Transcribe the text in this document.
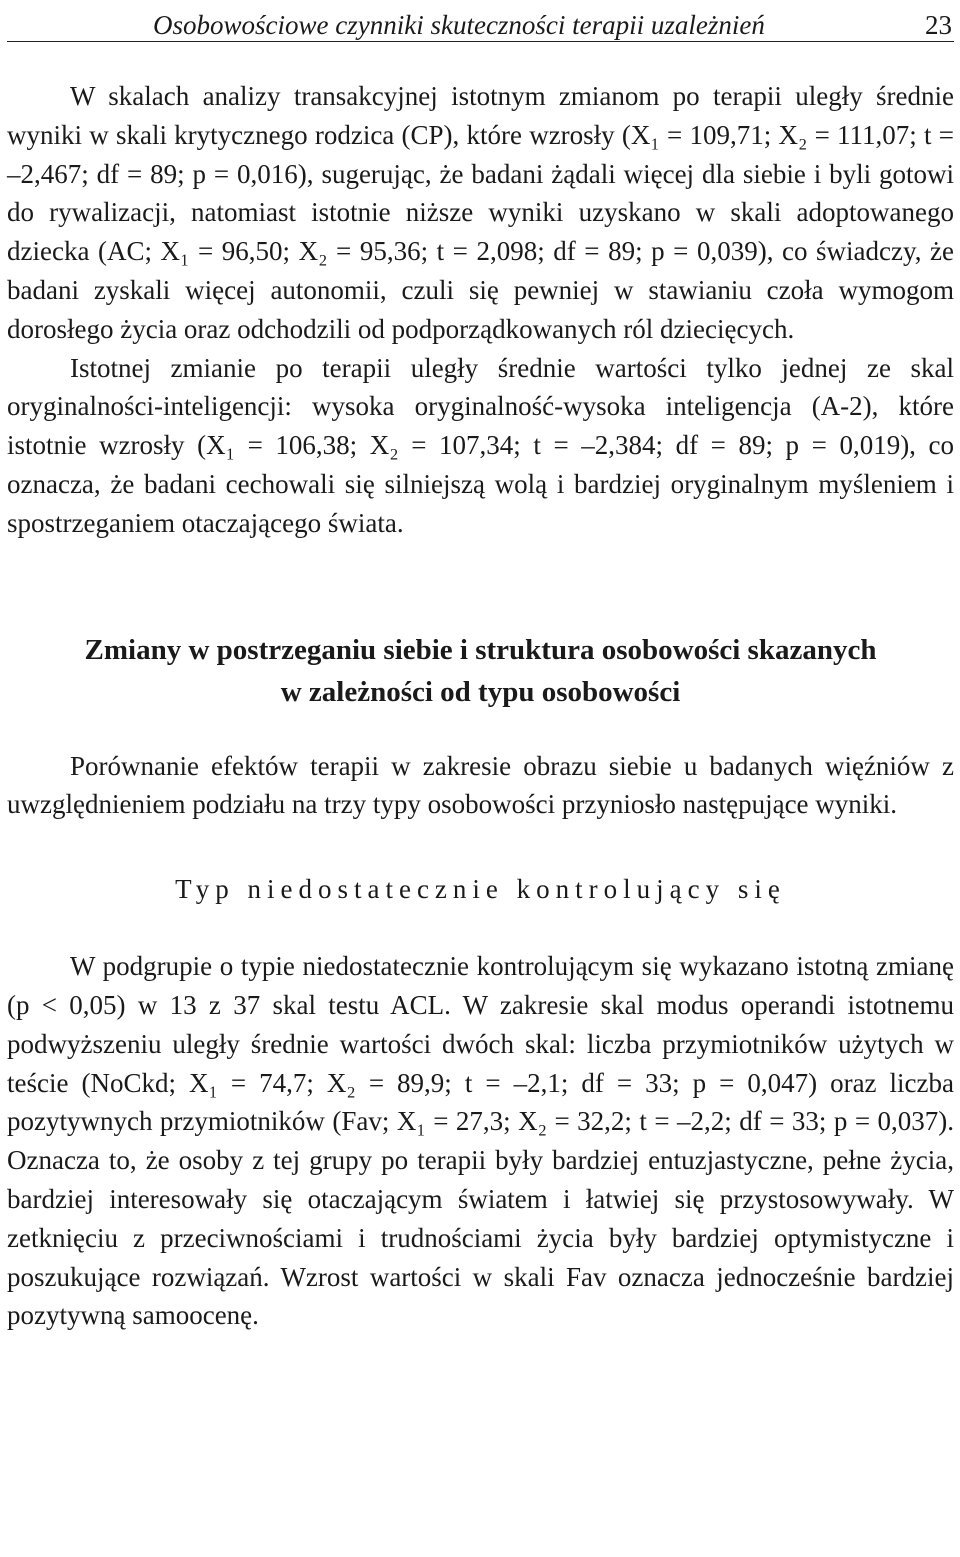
Osobowościowe czynniki skuteczności terapii uzależnień	23

W skalach analizy transakcyjnej istotnym zmianom po terapii uległy średnie wyniki w skali krytycznego rodzica (CP), które wzrosły (X₁ = 109,71; X₂ = 111,07; t = –2,467; df = 89; p = 0,016), sugerując, że badani żądali więcej dla siebie i byli gotowi do rywalizacji, natomiast istotnie niższe wyniki uzyskano w skali adoptowanego dziecka (AC; X₁ = 96,50; X₂ = 95,36; t = 2,098; df = 89; p = 0,039), co świadczy, że badani zyskali więcej autonomii, czuli się pewniej w stawianiu czoła wymogom dorosłego życia oraz odchodzili od podporządkowanych ról dziecięcych.

Istotnej zmianie po terapii uległy średnie wartości tylko jednej ze skal oryginalności-inteligencji: wysoka oryginalność-wysoka inteligencja (A-2), które istotnie wzrosły (X₁ = 106,38; X₂ = 107,34; t = –2,384; df = 89; p = 0,019), co oznacza, że badani cechowali się silniejszą wolą i bardziej oryginalnym myśleniem i spostrzeganiem otaczającego świata.

Zmiany w postrzeganiu siebie i struktura osobowości skazanych
w zależności od typu osobowości

Porównanie efektów terapii w zakresie obrazu siebie u badanych więźniów z uwzględnieniem podziału na trzy typy osobowości przyniosło następujące wyniki.

Typ niedostatecznie kontrolujący się

W podgrupie o typie niedostatecznie kontrolującym się wykazano istotną zmianę (p < 0,05) w 13 z 37 skal testu ACL. W zakresie skal modus operandi istotnemu podwyższeniu uległy średnie wartości dwóch skal: liczba przymiotników użytych w teście (NoCkd; X₁ = 74,7; X₂ = 89,9; t = –2,1; df = 33; p = 0,047) oraz liczba pozytywnych przymiotników (Fav; X₁ = 27,3; X₂ = 32,2; t = –2,2; df = 33; p = 0,037). Oznacza to, że osoby z tej grupy po terapii były bardziej entuzjastyczne, pełne życia, bardziej interesowały się otaczającym światem i łatwiej się przystosowywały. W zetknięciu z przeciwnościami i trudnościami życia były bardziej optymistyczne i poszukujące rozwiązań. Wzrost wartości w skali Fav oznacza jednocześnie bardziej pozytywną samoocenę.
